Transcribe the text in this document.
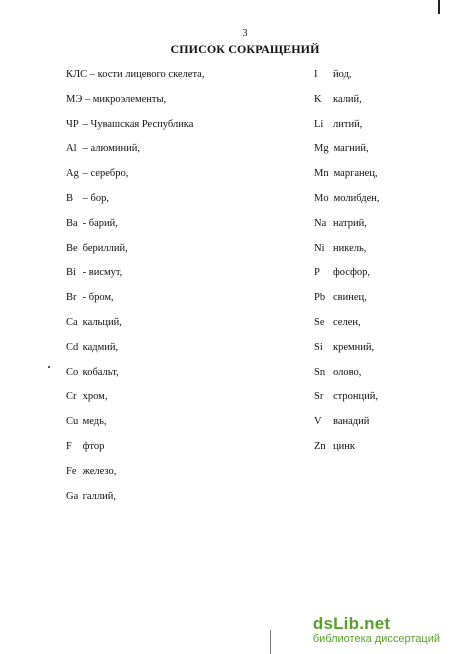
3
СПИСОК СОКРАЩЕНИЙ
КЛС – кости лицевого скелета,
МЭ – микроэлементы,
ЧР – Чувашская Республика
Al – алюминий,
Ag – серебро,
B – бор,
Ba - барий,
Be бериллий,
Bi - висмут,
Br - бром,
Ca кальций,
Cd кадмий,
Co кобальт,
Cr хром,
Cu медь,
F фтор
Fe железо,
Ga галлий,
I йод,
K калий,
Li литий,
Mg магний,
Mn марганец,
Mo молибден,
Na натрий,
Ni никель,
P фосфор,
Pb свинец,
Se селен,
Si кремний,
Sn олово,
Sr стронций,
V ванадий
Zn цинк
dsLib.net
библиотека диссертаций
